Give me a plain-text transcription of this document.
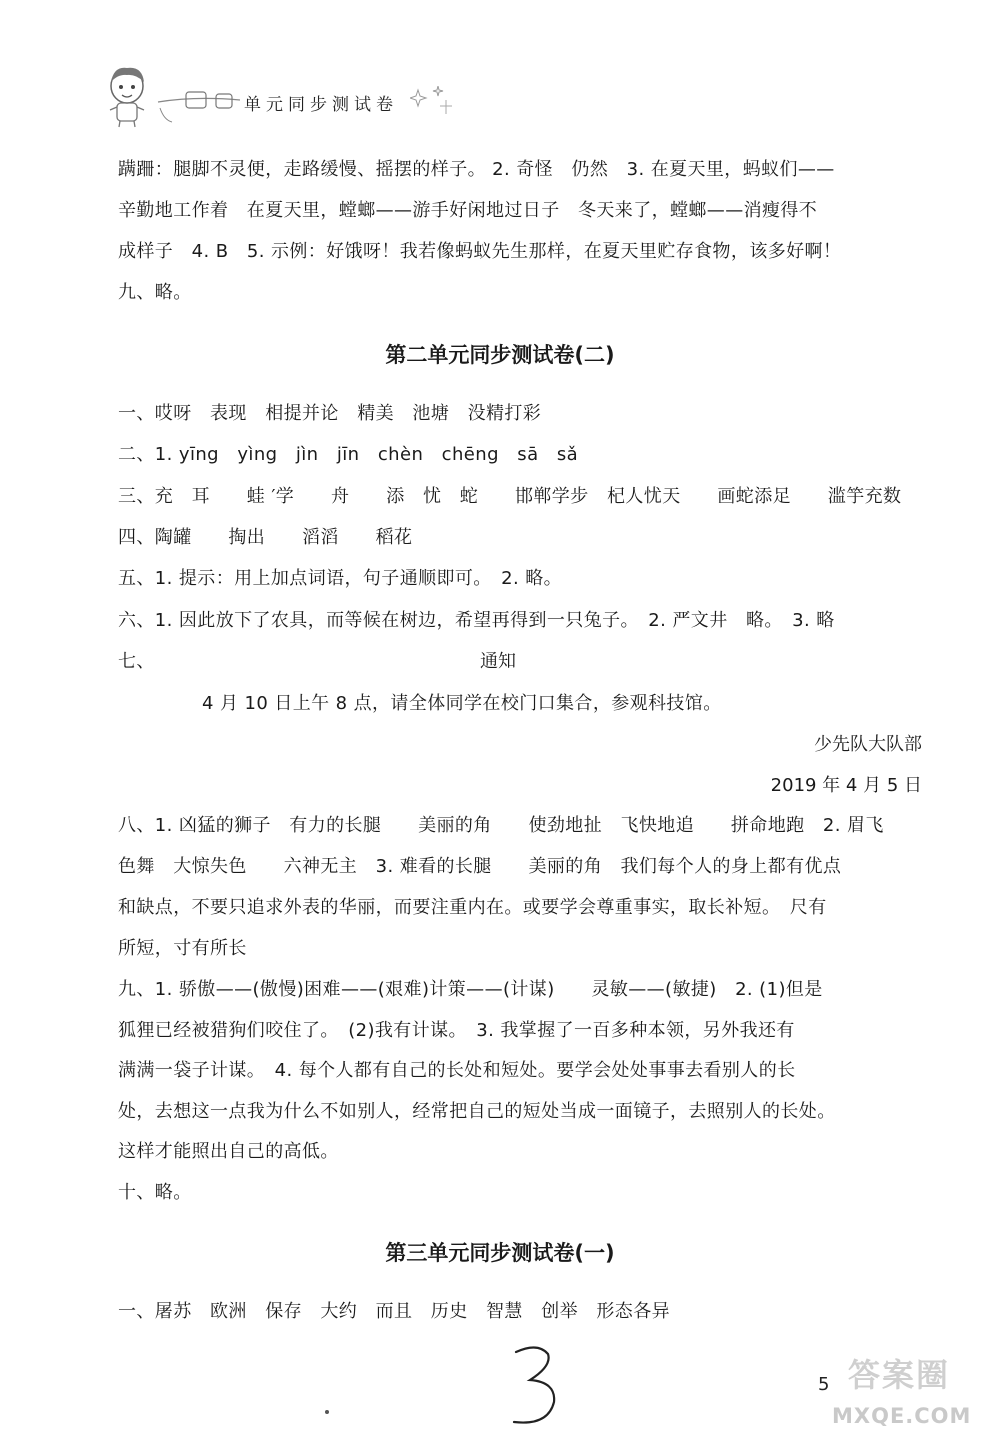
单元同步测试卷
蹒跚：腿脚不灵便，走路缓慢、摇摆的样子。 2. 奇怪　仍然　3. 在夏天里，蚂蚁们——
辛勤地工作着　在夏天里，螳螂——游手好闲地过日子　冬天来了，螳螂——消瘦得不
成样子　4. B　5. 示例：好饿呀！我若像蚂蚁先生那样，在夏天里贮存食物，该多好啊！
九、略。
第二单元同步测试卷(二)
一、哎呀　表现　相提并论　精美　池塘　没精打彩
二、1. yīng　yìng　jìn　jīn　chèn　chēng　sā　sǎ
三、充　耳　　蛙 ′学　　舟　　添　忧　蛇　　邯郸学步　杞人忧天　　画蛇添足　　滥竽充数
四、陶罐　　掏出　　滔滔　　稻花
五、1. 提示：用上加点词语，句子通顺即可。　2. 略。
六、1. 因此放下了农具，而等候在树边，希望再得到一只兔子。　2. 严文井　略。　3. 略
七、	通知
4 月 10 日上午 8 点，请全体同学在校门口集合，参观科技馆。
少先队大队部
2019 年 4 月 5 日
八、1. 凶猛的狮子　有力的长腿　　美丽的角　　使劲地扯　飞快地追　　拼命地跑　2. 眉飞
色舞　大惊失色　　六神无主　3. 难看的长腿　　美丽的角　我们每个人的身上都有优点
和缺点，不要只追求外表的华丽，而要注重内在。或要学会尊重事实，取长补短。　尺有
所短，寸有所长
九、1. 骄傲——(傲慢)困难——(艰难)计策——(计谋)　　灵敏——(敏捷)　2. (1)但是
狐狸已经被猎狗们咬住了。　(2)我有计谋。　3. 我掌握了一百多种本领，另外我还有
满满一袋子计谋。　4. 每个人都有自己的长处和短处。要学会处处事事去看别人的长
处，去想这一点我为什么不如别人，经常把自己的短处当成一面镜子，去照别人的长处。
这样才能照出自己的高低。
十、略。
第三单元同步测试卷(一)
一、屠苏　欧洲　保存　大约　而且　历史　智慧　创举　形态各异
5 答案圈
MXQE.COM
